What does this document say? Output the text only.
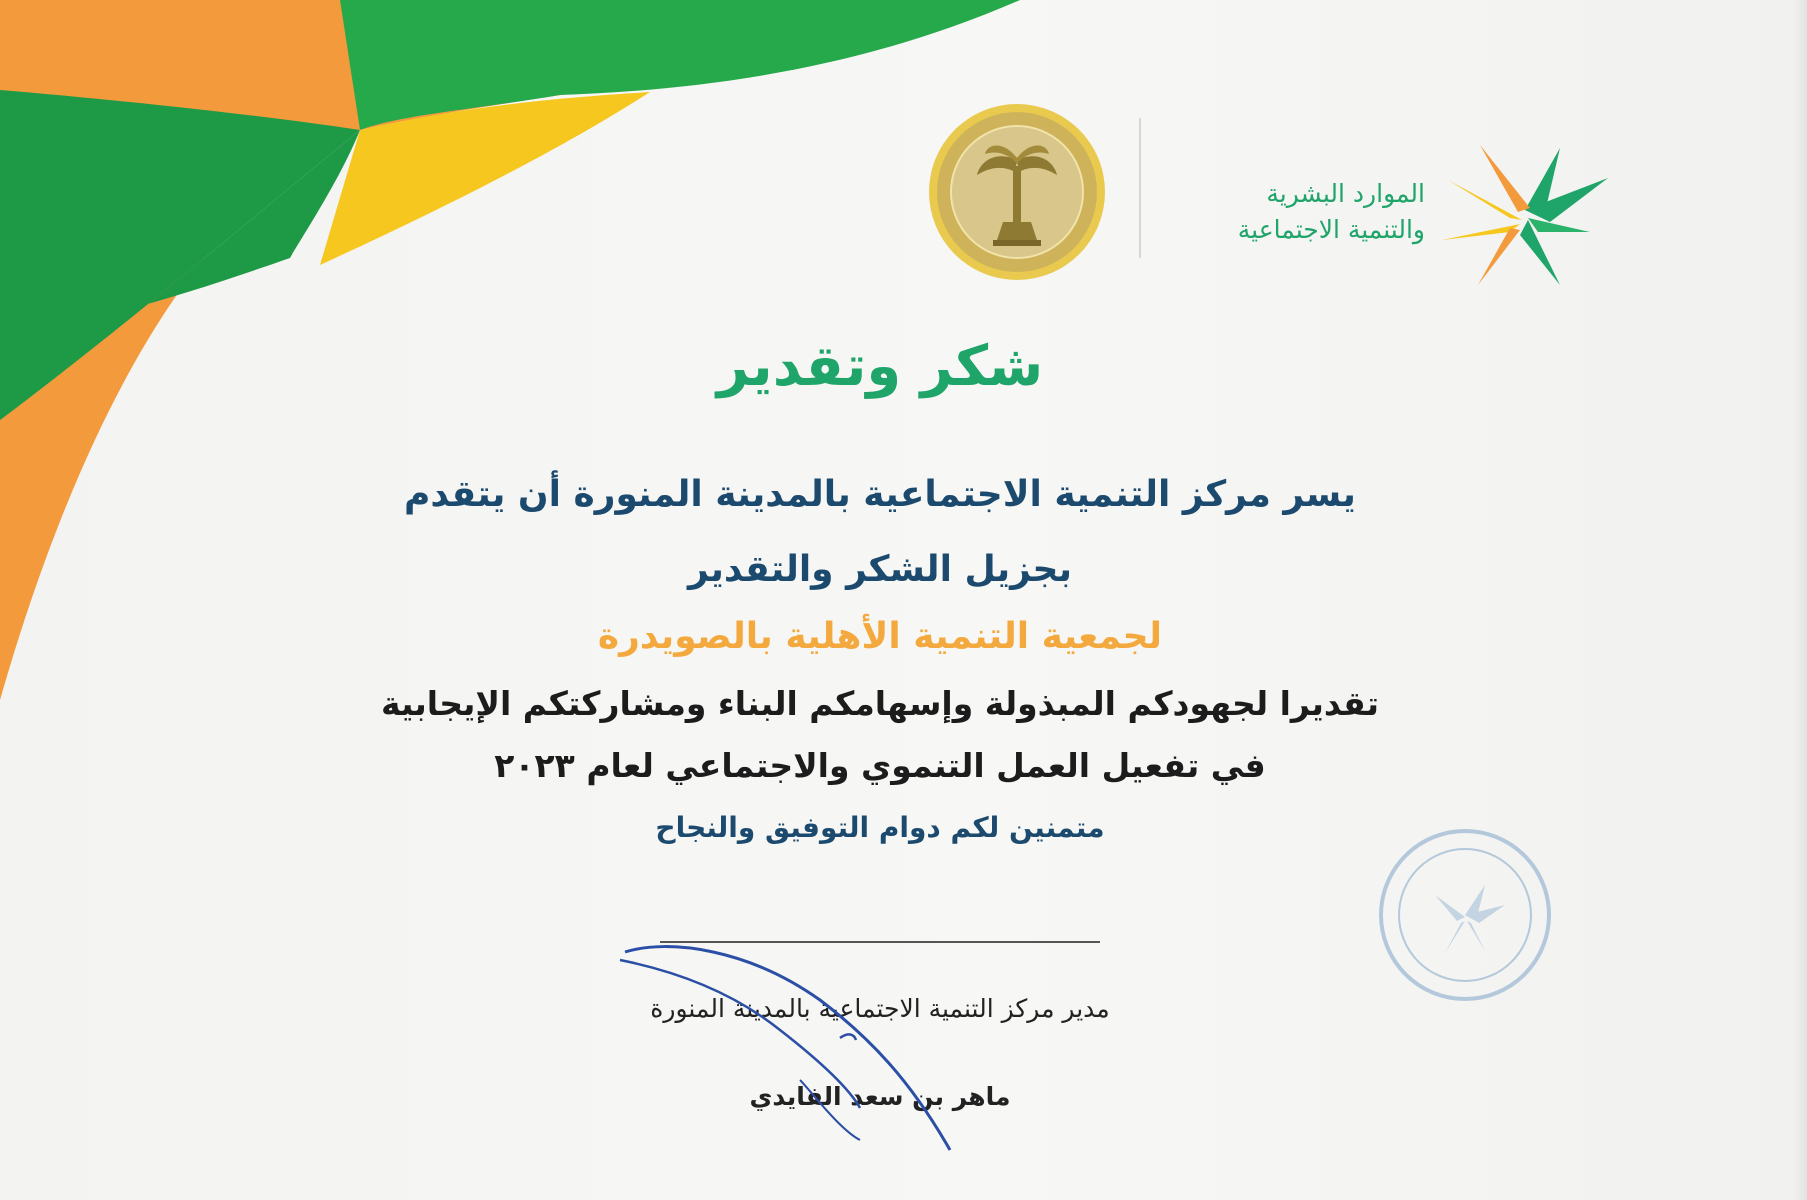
الموارد البشرية
والتنمية الاجتماعية
شكر وتقدير
يسر مركز التنمية الاجتماعية بالمدينة المنورة أن يتقدم
بجزيل الشكر والتقدير
لجمعية التنمية الأهلية بالصويدرة
تقديرا لجهودكم المبذولة وإسهامكم البناء ومشاركتكم الإيجابية
في تفعيل العمل التنموي والاجتماعي لعام ٢٠٢٣
متمنين لكم دوام التوفيق والنجاح
مدير مركز التنمية الاجتماعية بالمدينة المنورة
ماهر بن سعد الفايدي
